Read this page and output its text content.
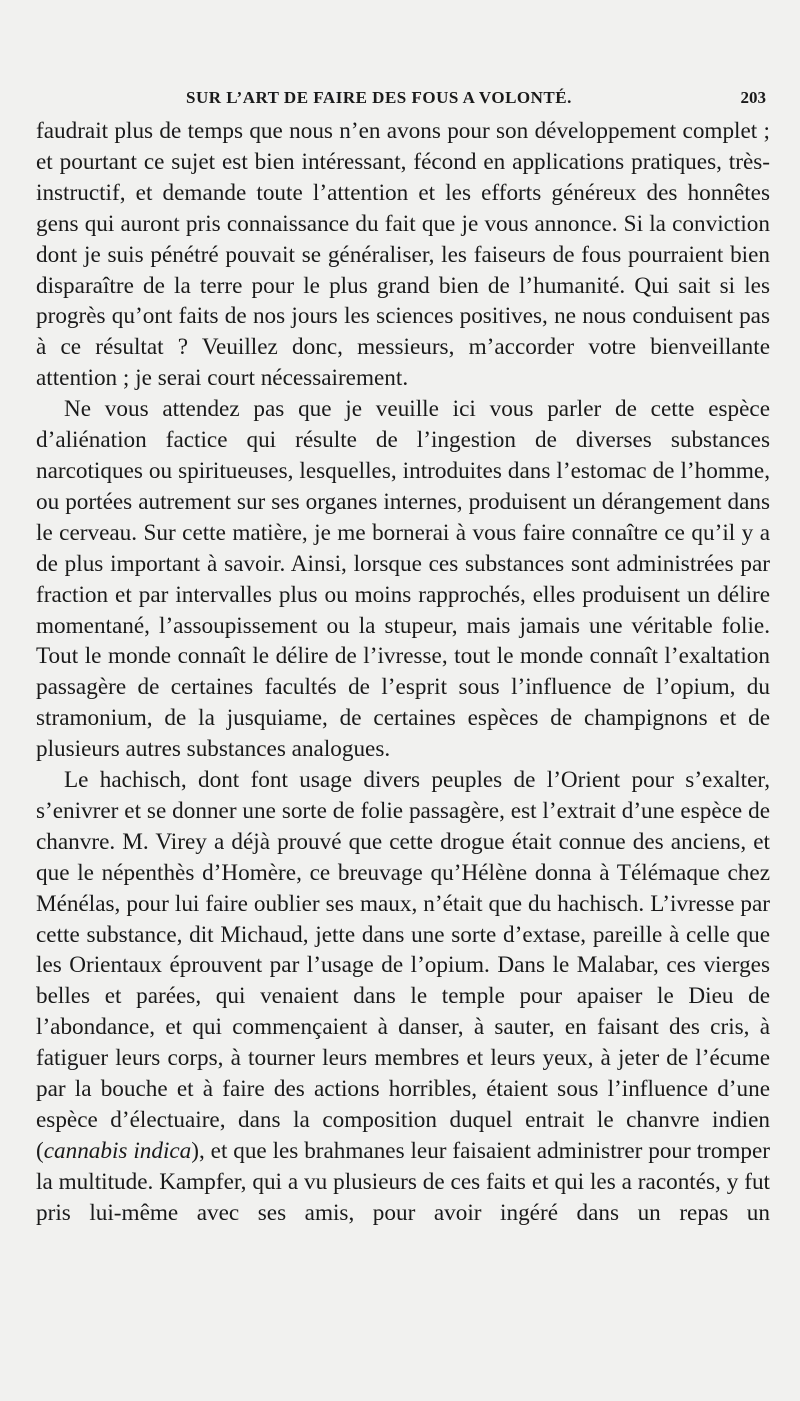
SUR L’ART DE FAIRE DES FOUS A VOLONTÉ.	203

faudrait plus de temps que nous n’en avons pour son développement complet ; et pourtant ce sujet est bien intéressant, fécond en applications pratiques, très-instructif, et demande toute l’attention et les efforts généreux des honnêtes gens qui auront pris connaissance du fait que je vous annonce. Si la conviction dont je suis pénétré pouvait se généraliser, les faiseurs de fous pourraient bien disparaître de la terre pour le plus grand bien de l’humanité. Qui sait si les progrès qu’ont faits de nos jours les sciences positives, ne nous conduisent pas à ce résultat ? Veuillez donc, messieurs, m’accorder votre bienveillante attention ; je serai court nécessairement.

Ne vous attendez pas que je veuille ici vous parler de cette espèce d’aliénation factice qui résulte de l’ingestion de diverses substances narcotiques ou spiritueuses, lesquelles, introduites dans l’estomac de l’homme, ou portées autrement sur ses organes internes, produisent un dérangement dans le cerveau. Sur cette matière, je me bornerai à vous faire connaître ce qu’il y a de plus important à savoir. Ainsi, lorsque ces substances sont administrées par fraction et par intervalles plus ou moins rapprochés, elles produisent un délire momentané, l’assoupissement ou la stupeur, mais jamais une véritable folie. Tout le monde connaît le délire de l’ivresse, tout le monde connaît l’exaltation passagère de certaines facultés de l’esprit sous l’influence de l’opium, du stramonium, de la jusquiame, de certaines espèces de champignons et de plusieurs autres substances analogues.

Le hachisch, dont font usage divers peuples de l’Orient pour s’exalter, s’enivrer et se donner une sorte de folie passagère, est l’extrait d’une espèce de chanvre. M. Virey a déjà prouvé que cette drogue était connue des anciens, et que le népenthès d’Homère, ce breuvage qu’Hélène donna à Télémaque chez Ménélas, pour lui faire oublier ses maux, n’était que du hachisch. L’ivresse par cette substance, dit Michaud, jette dans une sorte d’extase, pareille à celle que les Orientaux éprouvent par l’usage de l’opium. Dans le Malabar, ces vierges belles et parées, qui venaient dans le temple pour apaiser le Dieu de l’abondance, et qui commençaient à danser, à sauter, en faisant des cris, à fatiguer leurs corps, à tourner leurs membres et leurs yeux, à jeter de l’écume par la bouche et à faire des actions horribles, étaient sous l’influence d’une espèce d’électuaire, dans la composition duquel entrait le chanvre indien (cannabis indica), et que les brahmanes leur faisaient administrer pour tromper la multitude. Kampfer, qui a vu plusieurs de ces faits et qui les a racontés, y fut pris lui-même avec ses amis, pour avoir ingéré dans un repas un
